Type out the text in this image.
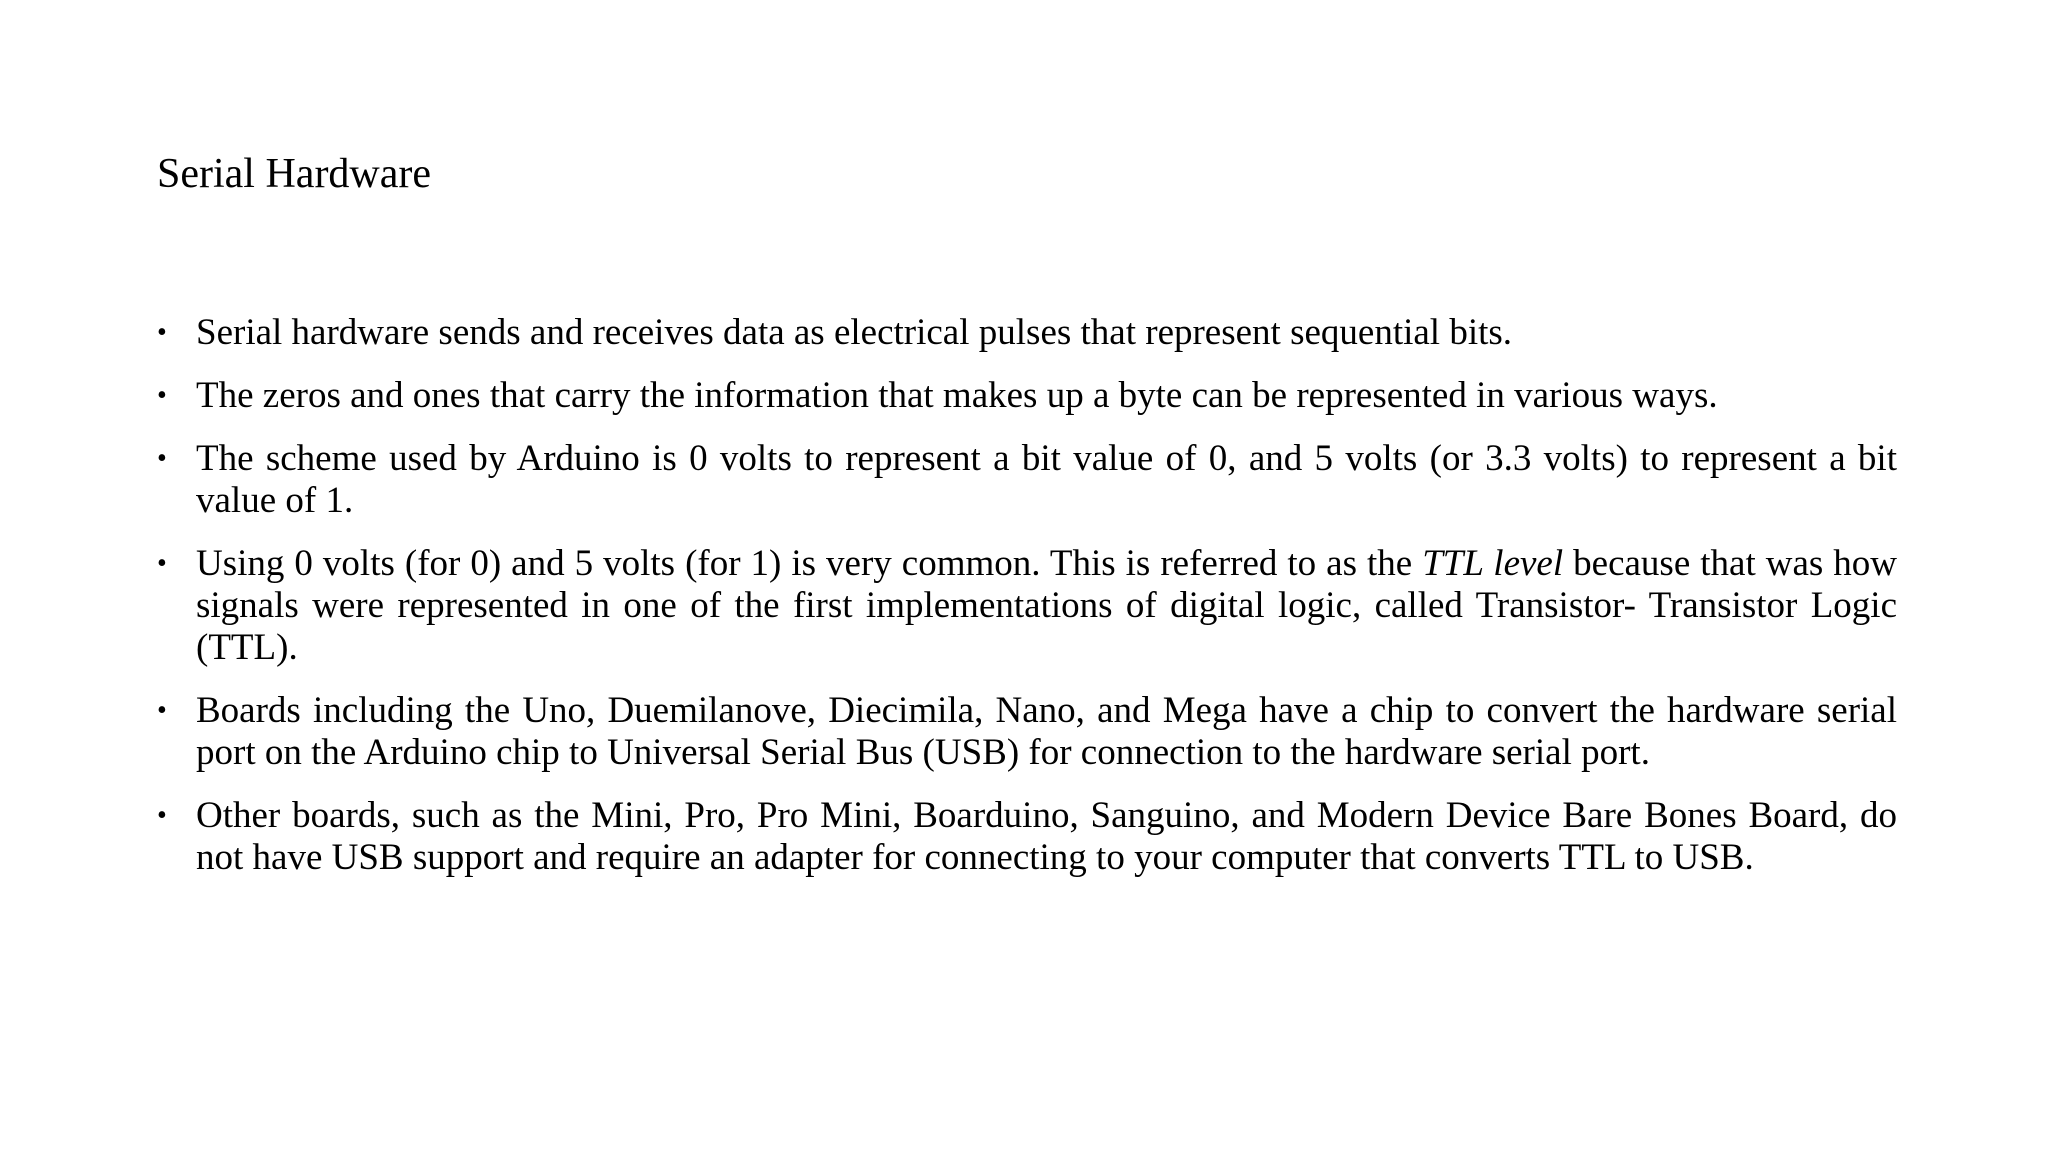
Serial Hardware
• Serial hardware sends and receives data as electrical pulses that represent sequential bits.
• The zeros and ones that carry the information that makes up a byte can be represented in various ways.
• The scheme used by Arduino is 0 volts to represent a bit value of 0, and 5 volts (or 3.3 volts) to represent a bit value of 1.
• Using 0 volts (for 0) and 5 volts (for 1) is very common. This is referred to as the TTL level because that was how signals were represented in one of the first implementations of digital logic, called Transistor- Transistor Logic (TTL).
• Boards including the Uno, Duemilanove, Diecimila, Nano, and Mega have a chip to convert the hardware serial port on the Arduino chip to Universal Serial Bus (USB) for connection to the hardware serial port.
• Other boards, such as the Mini, Pro, Pro Mini, Boarduino, Sanguino, and Modern Device Bare Bones Board, do not have USB support and require an adapter for connecting to your computer that converts TTL to USB.
